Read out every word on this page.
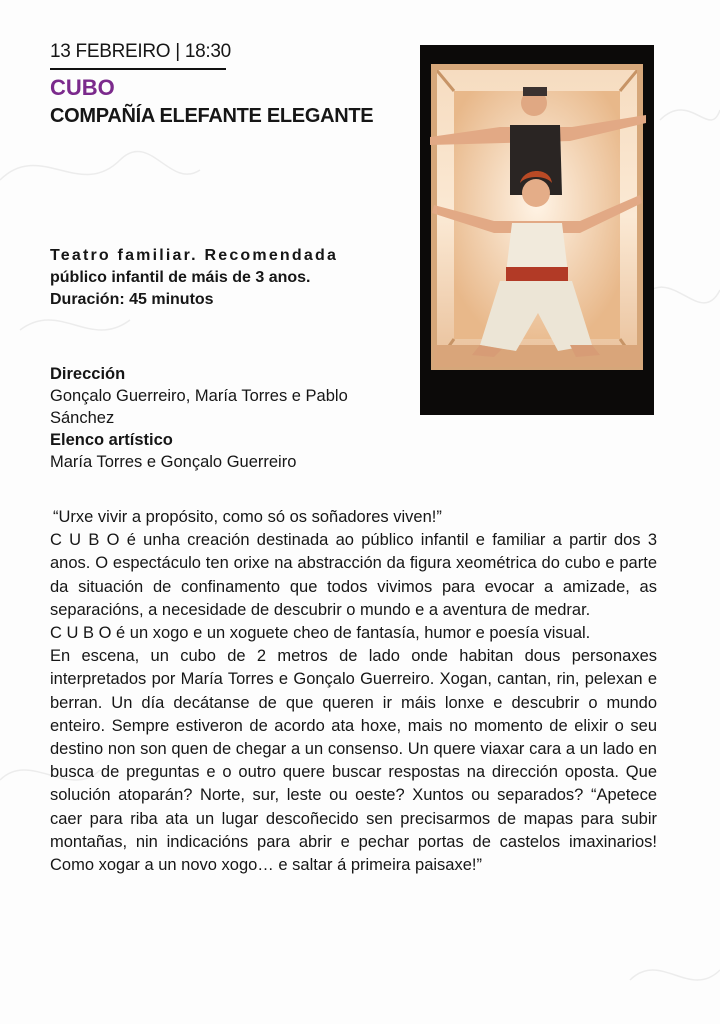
13 FEBREIRO | 18:30
CUBO
COMPAÑÍA ELEFANTE ELEGANTE
Teatro familiar. Recomendada
público infantil de máis de 3 anos.
Duración: 45 minutos
Dirección
Gonçalo Guerreiro, María Torres e Pablo
Sánchez
Elenco artístico
María Torres e Gonçalo Guerreiro

“Urxe vivir a propósito, como só os soñadores viven!”

C U B O é unha creación destinada ao público infantil e familiar a partir dos 3 anos. O espectáculo ten orixe na abstracción da figura xeométrica do cubo e parte da situación de confinamento que todos vivimos para evocar a amizade, as separacións, a necesidade de descubrir o mundo e a aventura de medrar.

C U B O é un xogo e un xoguete cheo de fantasía, humor e poesía visual.

En escena, un cubo de 2 metros de lado onde habitan dous personaxes interpretados por María Torres e Gonçalo Guerreiro. Xogan, cantan, rin, pelexan e berran. Un día decátanse de que queren ir máis lonxe e descubrir o mundo enteiro. Sempre estiveron de acordo ata hoxe, mais no momento de elixir o seu destino non son quen de chegar a un consenso. Un quere viaxar cara a un lado en busca de preguntas e o outro quere buscar respostas na dirección oposta. Que solución atoparán? Norte, sur, leste ou oeste? Xuntos ou separados? “Apetece caer para riba ata un lugar descoñecido sen precisarmos de mapas para subir montañas, nin indicacións para abrir e pechar portas de castelos imaxinarios! Como xogar a un novo xogo… e saltar á primeira paisaxe!”
